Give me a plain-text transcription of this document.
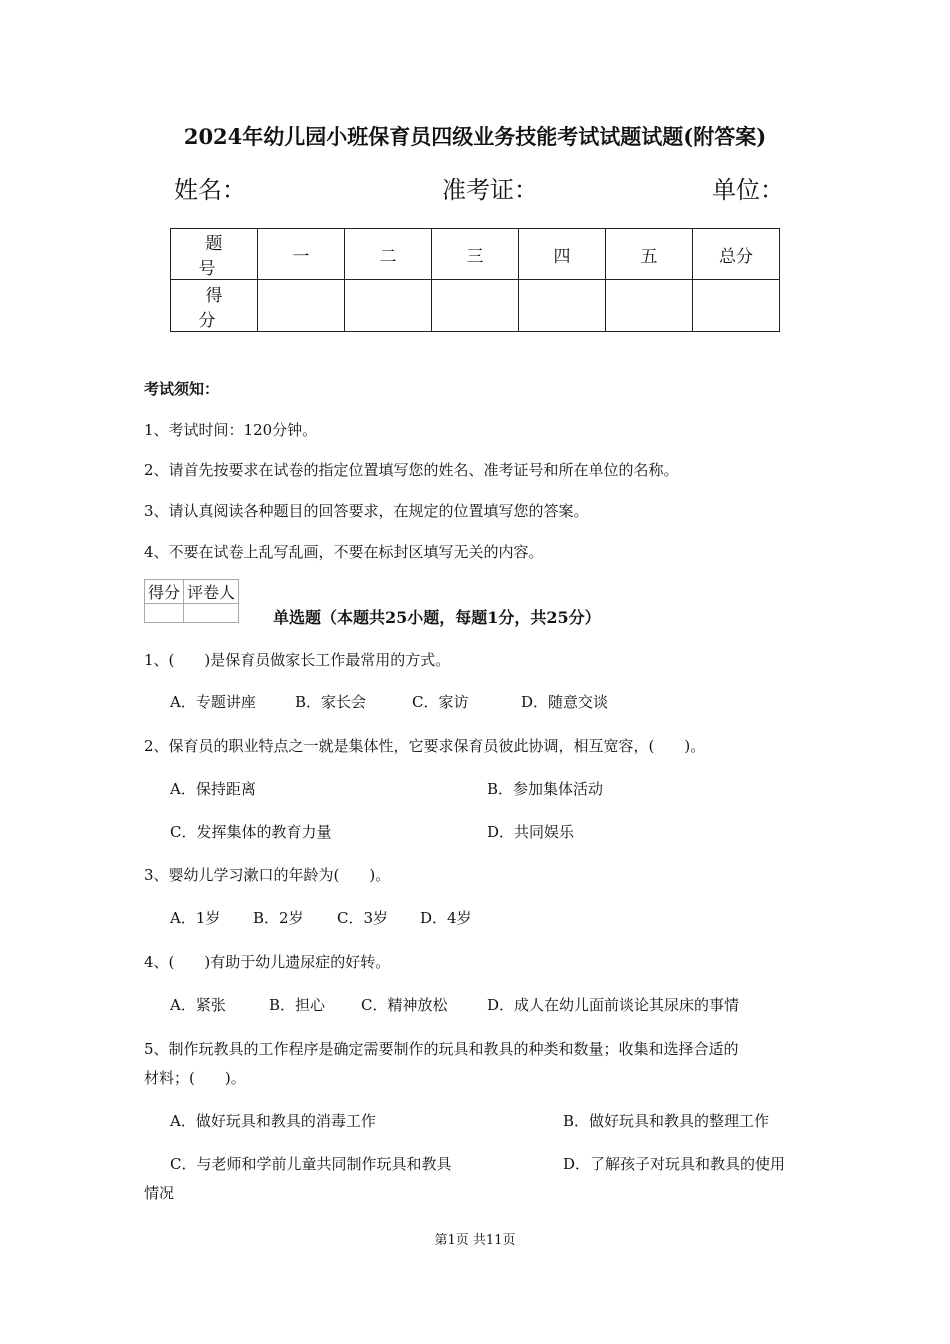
2024年幼儿园小班保育员四级业务技能考试试题试题(附答案)
姓名：	准考证：	单位：
题　号	一	二	三	四	五	总分
得　分						
考试须知：
1、考试时间：120分钟。
2、请首先按要求在试卷的指定位置填写您的姓名、准考证号和所在单位的名称。
3、请认真阅读各种题目的回答要求，在规定的位置填写您的答案。
4、不要在试卷上乱写乱画，不要在标封区填写无关的内容。
得分	评卷人

单选题（本题共25小题，每题1分，共25分）
1、(　　)是保育员做家长工作最常用的方式。
A．专题讲座	B．家长会	C．家访	D．随意交谈
2、保育员的职业特点之一就是集体性，它要求保育员彼此协调，相互宽容，(　　)。
A．保持距离	B．参加集体活动
C．发挥集体的教育力量	D．共同娱乐
3、婴幼儿学习漱口的年龄为(　　)。
A．1岁 B．2岁 C．3岁 D．4岁
4、(　　)有助于幼儿遗尿症的好转。
A．紧张	B．担心 C．精神放松	D．成人在幼儿面前谈论其尿床的事情
5、制作玩教具的工作程序是确定需要制作的玩具和教具的种类和数量；收集和选择合适的
材料；(　　)。
A．做好玩具和教具的消毒工作	B．做好玩具和教具的整理工作
C．与老师和学前儿童共同制作玩具和教具	D．了解孩子对玩具和教具的使用
情况
第1页 共11页
